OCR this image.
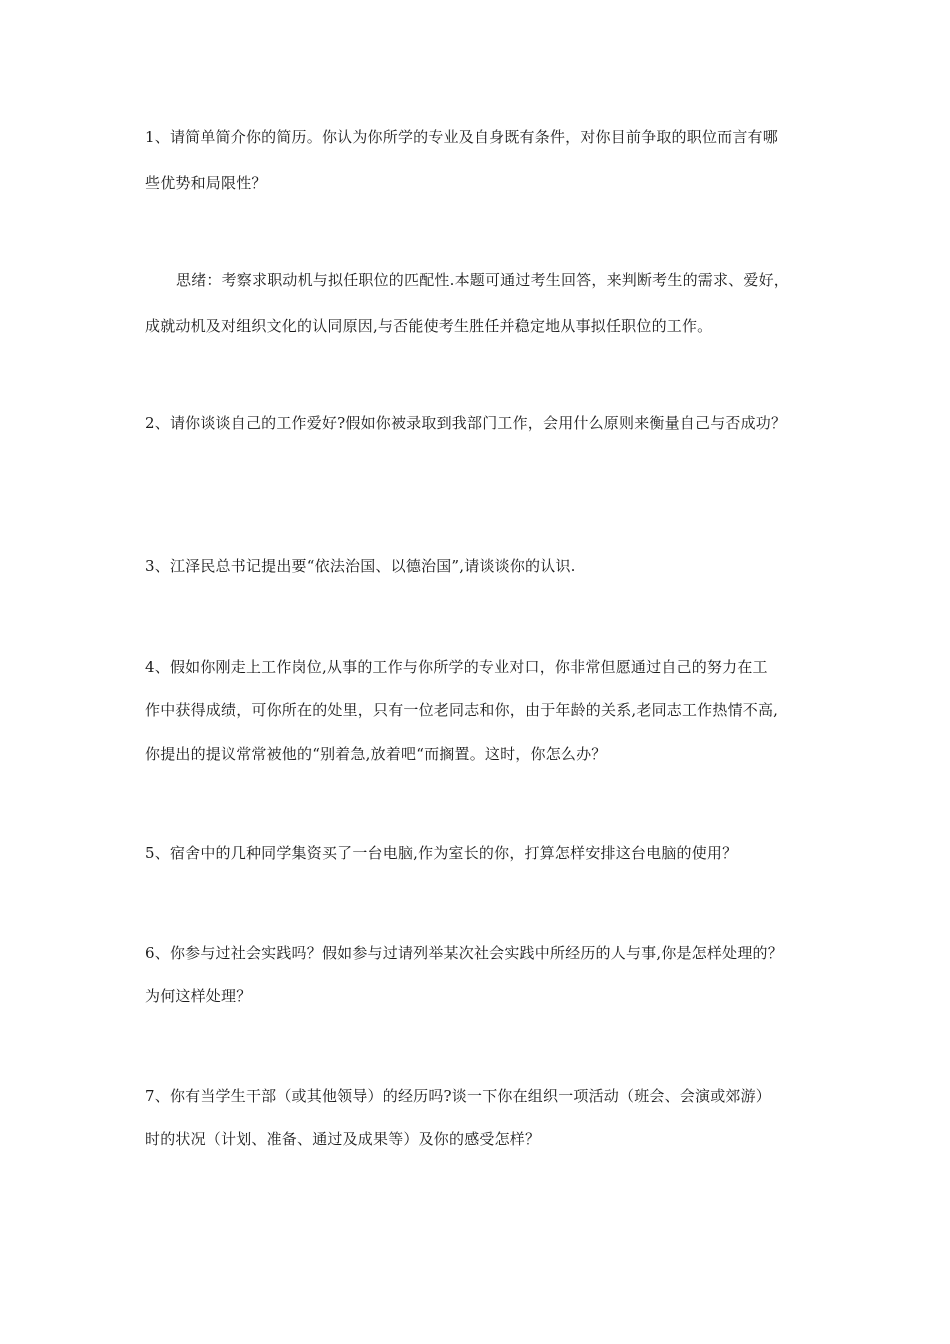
1、请简单简介你的简历。你认为你所学的专业及自身既有条件，对你目前争取的职位而言有哪
些优势和局限性？
思绪：考察求职动机与拟任职位的匹配性.本题可通过考生回答，来判断考生的需求、爱好，
成就动机及对组织文化的认同原因,与否能使考生胜任并稳定地从事拟任职位的工作。
2、请你谈谈自己的工作爱好?假如你被录取到我部门工作，会用什么原则来衡量自己与否成功？
3、江泽民总书记提出要“依法治国、以德治国”,请谈谈你的认识.
4、假如你刚走上工作岗位,从事的工作与你所学的专业对口，你非常但愿通过自己的努力在工
作中获得成绩，可你所在的处里，只有一位老同志和你，由于年龄的关系,老同志工作热情不高,
你提出的提议常常被他的“别着急,放着吧“而搁置。这时，你怎么办？
5、宿舍中的几种同学集资买了一台电脑,作为室长的你，打算怎样安排这台电脑的使用？
6、你参与过社会实践吗？假如参与过请列举某次社会实践中所经历的人与事,你是怎样处理的？
为何这样处理？
7、你有当学生干部（或其他领导）的经历吗?谈一下你在组织一项活动（班会、会演或郊游）
时的状况（计划、准备、通过及成果等）及你的感受怎样？
